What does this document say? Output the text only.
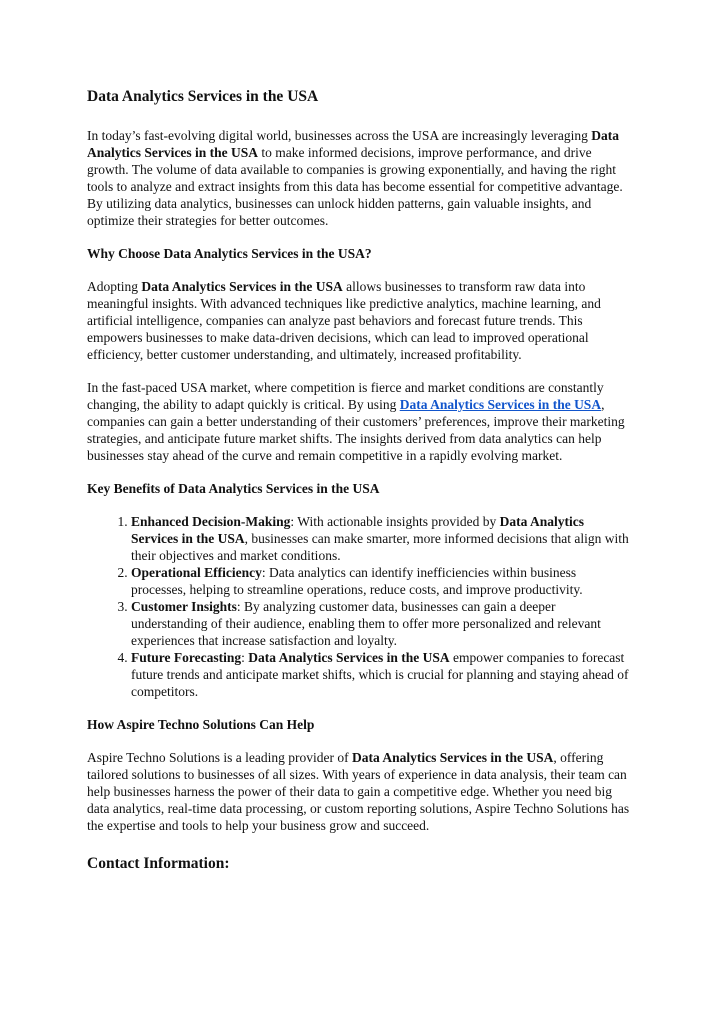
Data Analytics Services in the USA

In today’s fast-evolving digital world, businesses across the USA are increasingly leveraging Data Analytics Services in the USA to make informed decisions, improve performance, and drive growth. The volume of data available to companies is growing exponentially, and having the right tools to analyze and extract insights from this data has become essential for competitive advantage. By utilizing data analytics, businesses can unlock hidden patterns, gain valuable insights, and optimize their strategies for better outcomes.

Why Choose Data Analytics Services in the USA?

Adopting Data Analytics Services in the USA allows businesses to transform raw data into meaningful insights. With advanced techniques like predictive analytics, machine learning, and artificial intelligence, companies can analyze past behaviors and forecast future trends. This empowers businesses to make data-driven decisions, which can lead to improved operational efficiency, better customer understanding, and ultimately, increased profitability.

In the fast-paced USA market, where competition is fierce and market conditions are constantly changing, the ability to adapt quickly is critical. By using Data Analytics Services in the USA, companies can gain a better understanding of their customers’ preferences, improve their marketing strategies, and anticipate future market shifts. The insights derived from data analytics can help businesses stay ahead of the curve and remain competitive in a rapidly evolving market.

Key Benefits of Data Analytics Services in the USA
1. Enhanced Decision-Making: With actionable insights provided by Data Analytics Services in the USA, businesses can make smarter, more informed decisions that align with their objectives and market conditions.
2. Operational Efficiency: Data analytics can identify inefficiencies within business processes, helping to streamline operations, reduce costs, and improve productivity.
3. Customer Insights: By analyzing customer data, businesses can gain a deeper understanding of their audience, enabling them to offer more personalized and relevant experiences that increase satisfaction and loyalty.
4. Future Forecasting: Data Analytics Services in the USA empower companies to forecast future trends and anticipate market shifts, which is crucial for planning and staying ahead of competitors.
How Aspire Techno Solutions Can Help

Aspire Techno Solutions is a leading provider of Data Analytics Services in the USA, offering tailored solutions to businesses of all sizes. With years of experience in data analysis, their team can help businesses harness the power of their data to gain a competitive edge. Whether you need big data analytics, real-time data processing, or custom reporting solutions, Aspire Techno Solutions has the expertise and tools to help your business grow and succeed.

Contact Information:
